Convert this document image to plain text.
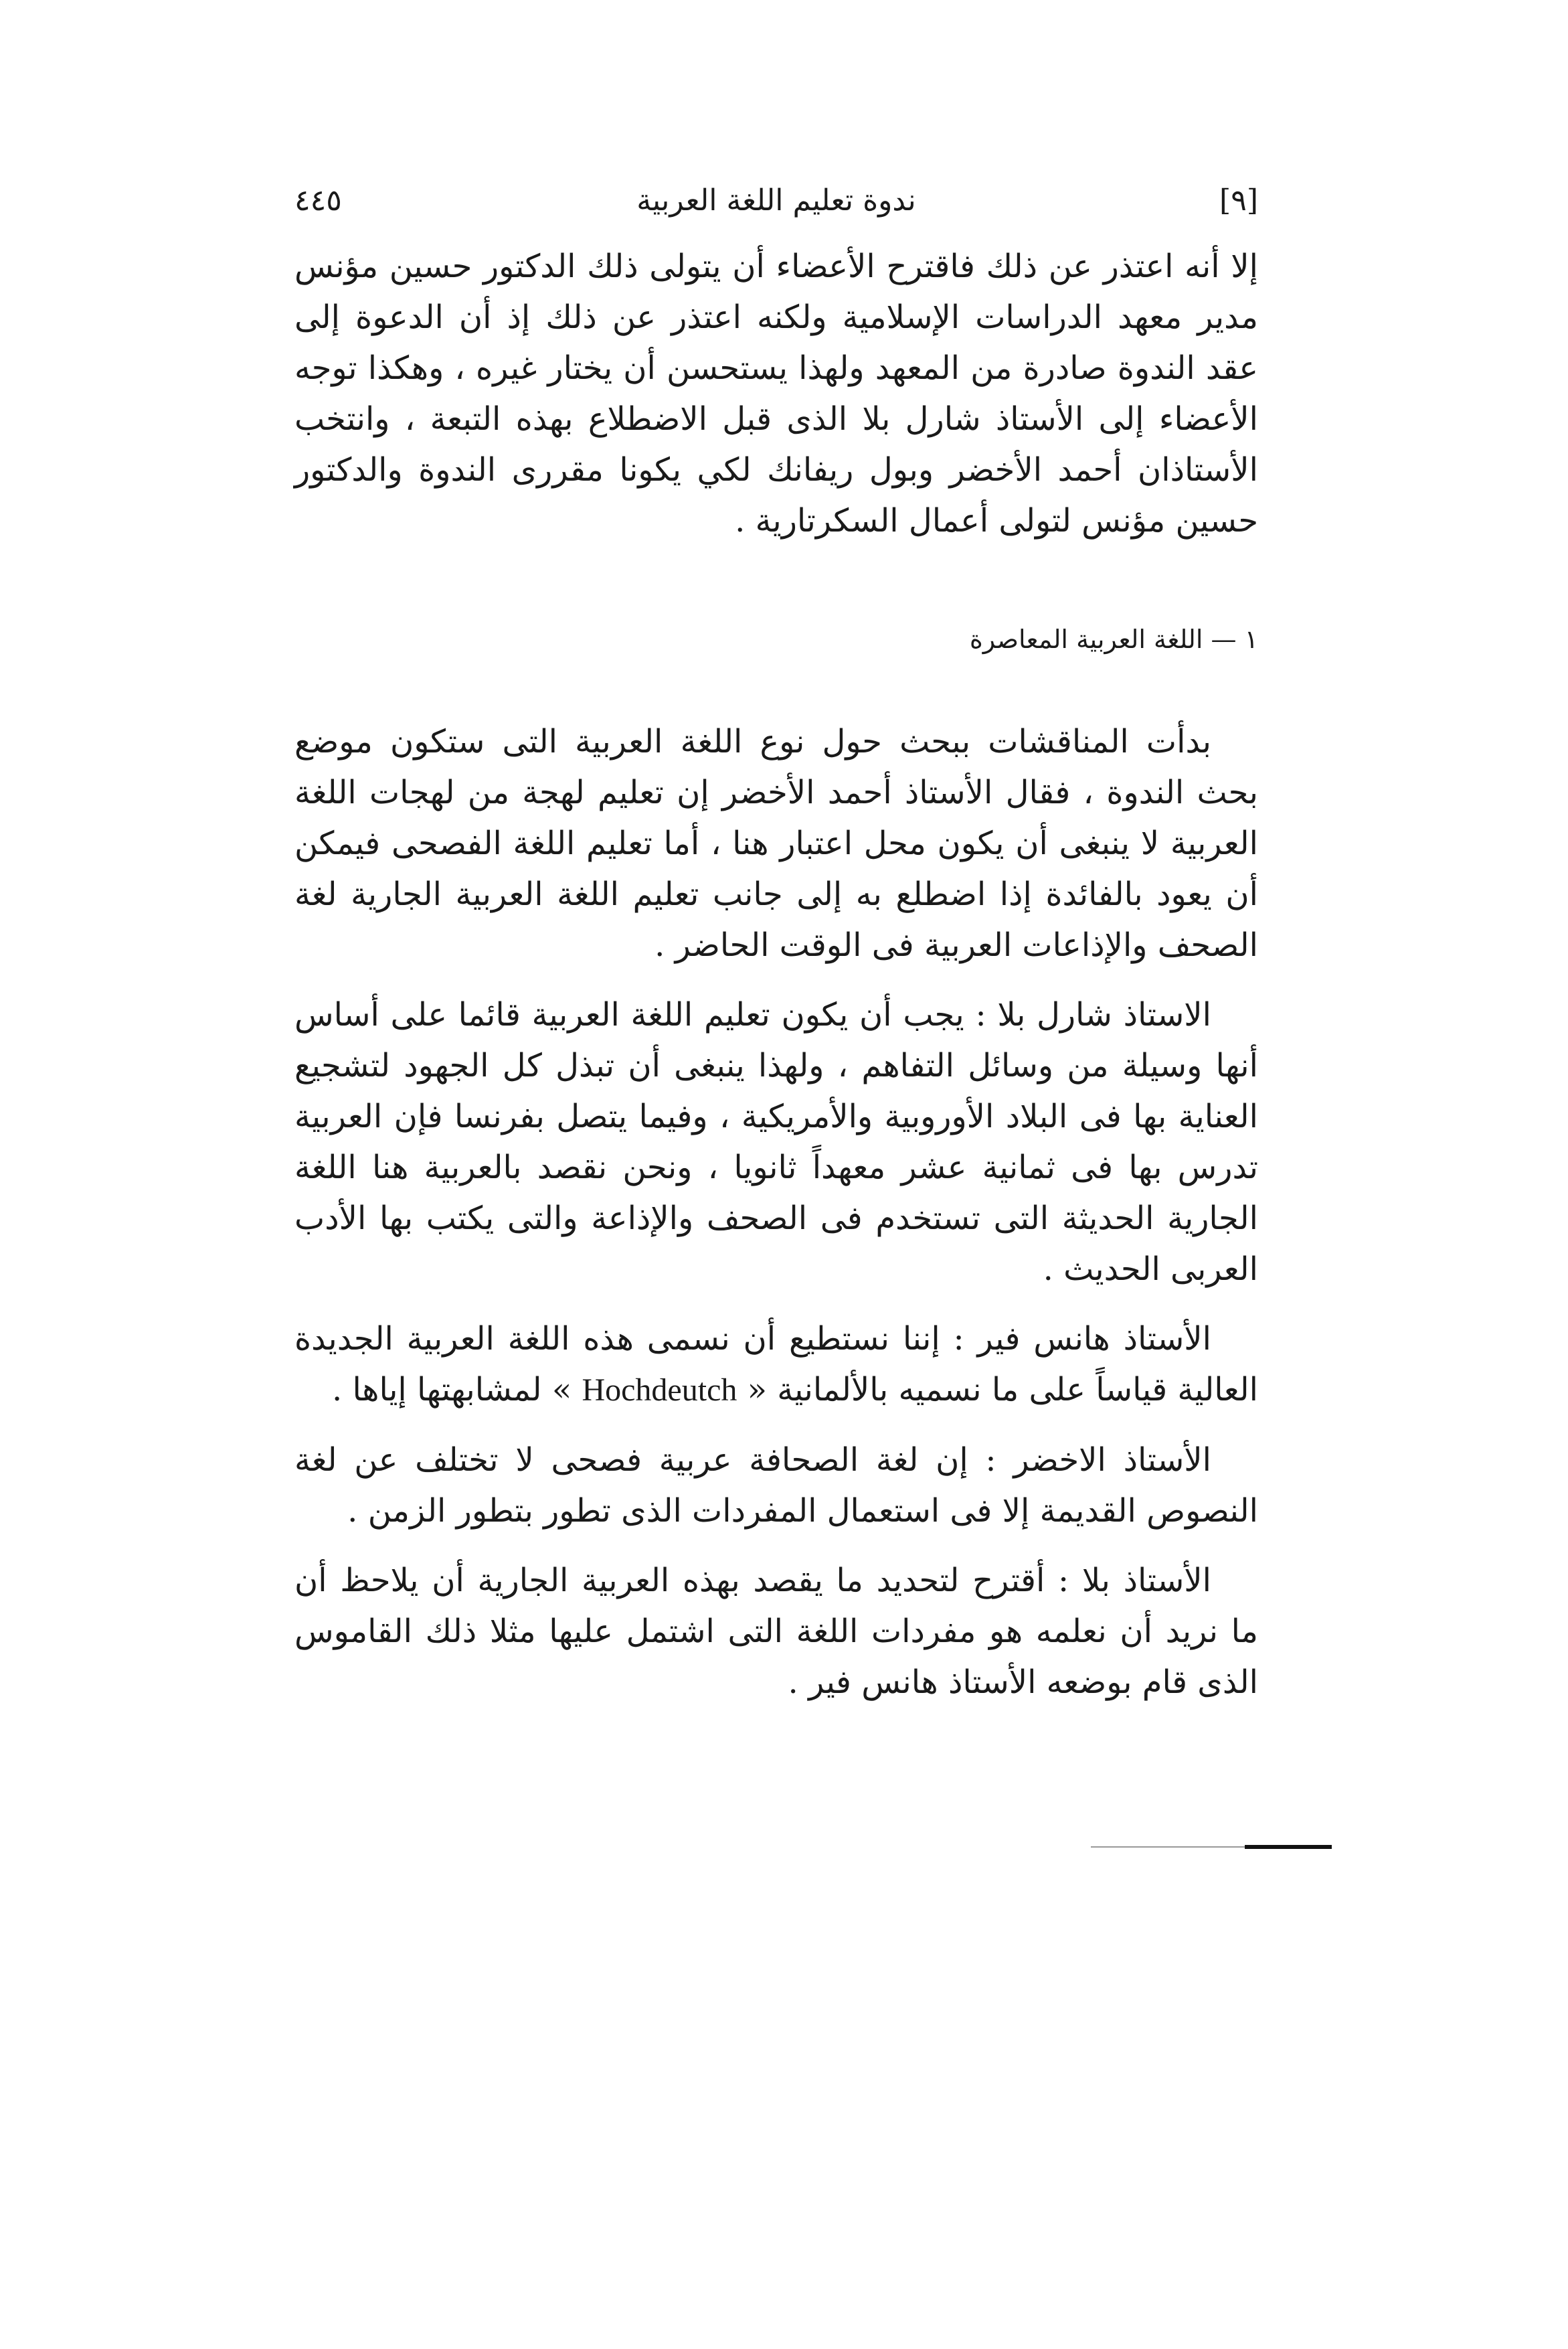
[٩]
ندوة تعليم اللغة العربية
٤٤٥

إلا أنه اعتذر عن ذلك فاقترح الأعضاء أن يتولى ذلك الدكتور حسين مؤنس مدير معهد الدراسات الإسلامية ولكنه اعتذر عن ذلك إذ أن الدعوة إلى عقد الندوة صادرة من المعهد ولهذا يستحسن أن يختار غيره ، وهكذا توجه الأعضاء إلى الأستاذ شارل بلا الذى قبل الاضطلاع بهذه التبعة ، وانتخب الأستاذان أحمد الأخضر وبول ريفانك لكي يكونا مقررى الندوة والدكتور حسين مؤنس لتولى أعمال السكرتارية .

١ — اللغة العربية المعاصرة

بدأت المناقشات ببحث حول نوع اللغة العربية التى ستكون موضع بحث الندوة ، فقال الأستاذ أحمد الأخضر إن تعليم لهجة من لهجات اللغة العربية لا ينبغى أن يكون محل اعتبار هنا ، أما تعليم اللغة الفصحى فيمكن أن يعود بالفائدة إذا اضطلع به إلى جانب تعليم اللغة العربية الجارية لغة الصحف والإذاعات العربية فى الوقت الحاضر .

الاستاذ شارل بلا : يجب أن يكون تعليم اللغة العربية قائما على أساس أنها وسيلة من وسائل التفاهم ، ولهذا ينبغى أن تبذل كل الجهود لتشجيع العناية بها فى البلاد الأوروبية والأمريكية ، وفيما يتصل بفرنسا فإن العربية تدرس بها فى ثمانية عشر معهداً ثانويا ، ونحن نقصد بالعربية هنا اللغة الجارية الحديثة التى تستخدم فى الصحف والإذاعة والتى يكتب بها الأدب العربى الحديث .

الأستاذ هانس فير : إننا نستطيع أن نسمى هذه اللغة العربية الجديدة العالية قياساً على ما نسميه بالألمانية « Hochdeutch » لمشابهتها إياها .

الأستاذ الاخضر : إن لغة الصحافة عربية فصحى لا تختلف عن لغة النصوص القديمة إلا فى استعمال المفردات الذى تطور بتطور الزمن .

الأستاذ بلا : أقترح لتحديد ما يقصد بهذه العربية الجارية أن يلاحظ أن ما نريد أن نعلمه هو مفردات اللغة التى اشتمل عليها مثلا ذلك القاموس الذى قام بوضعه الأستاذ هانس فير .
